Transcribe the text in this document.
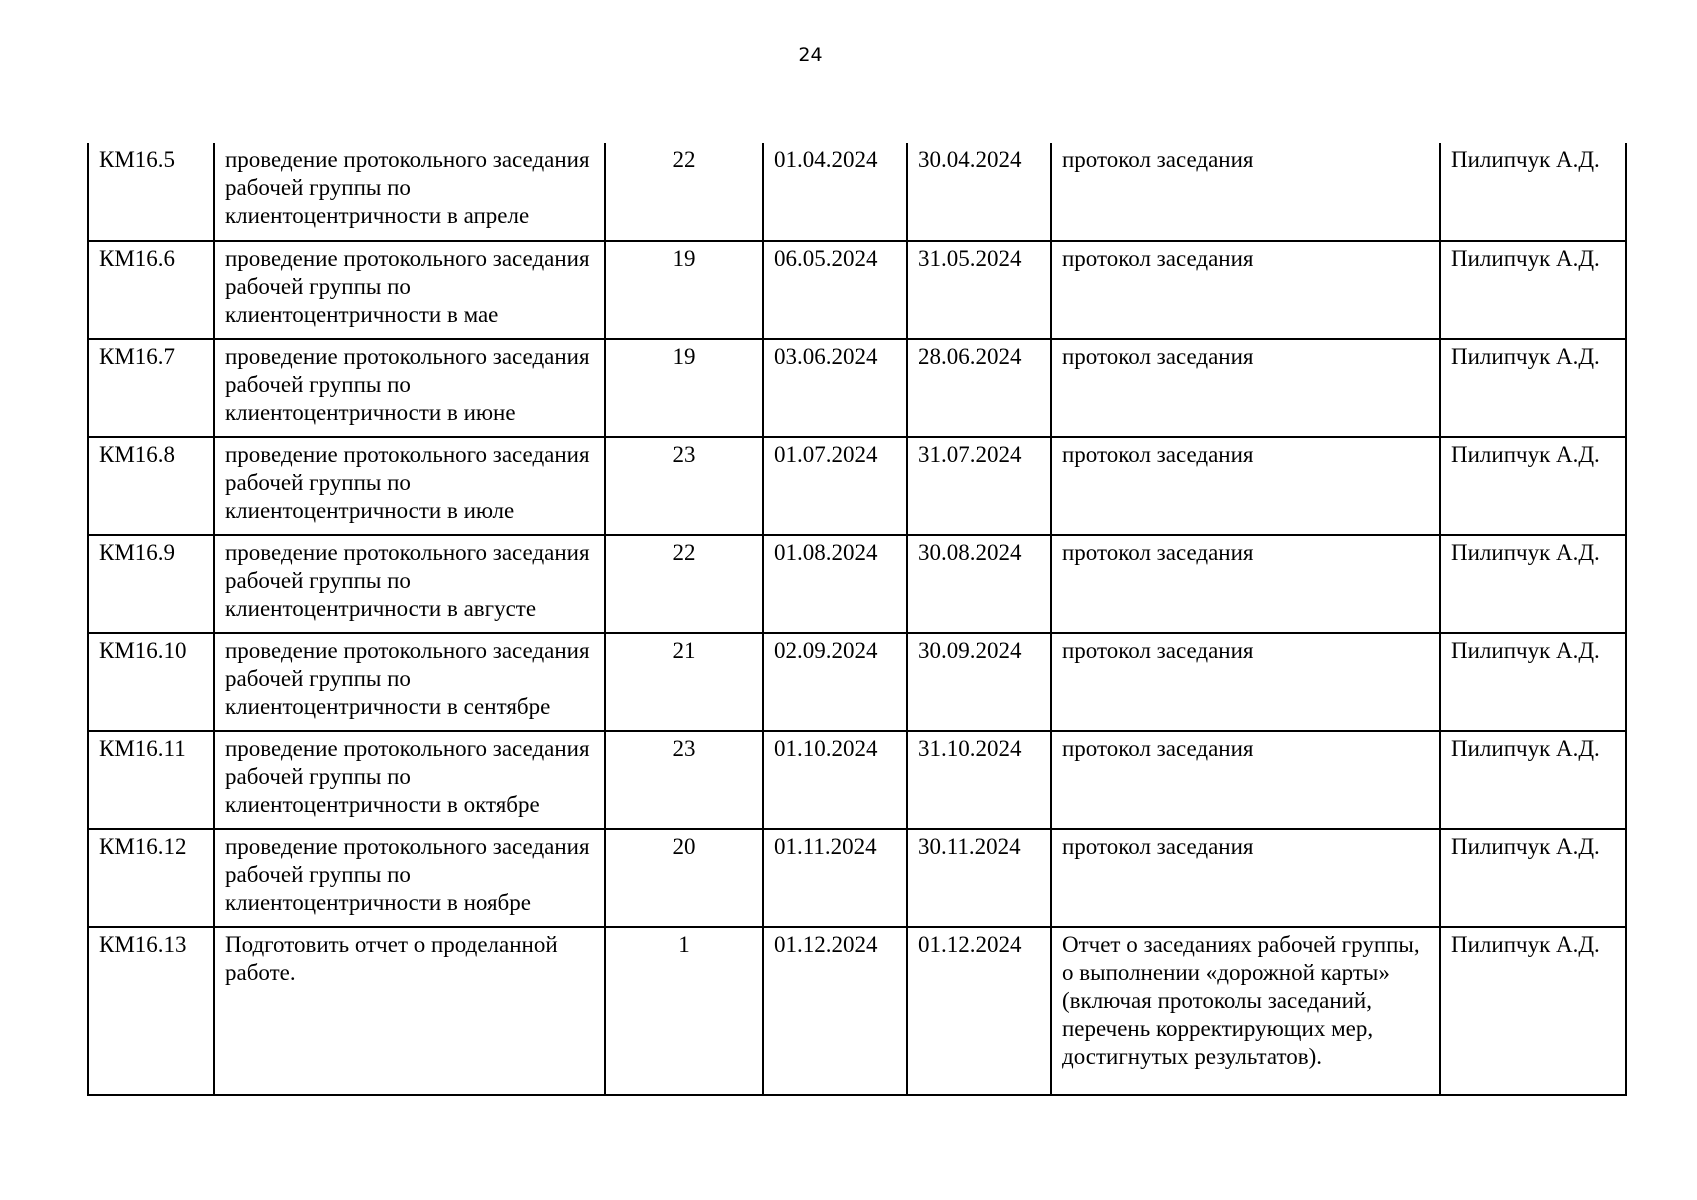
24
КМ16.5	проведение протокольного заседания рабочей группы по клиентоцентричности в апреле	22	01.04.2024	30.04.2024	протокол заседания	Пилипчук А.Д.
КМ16.6	проведение протокольного заседания рабочей группы по клиентоцентричности в мае	19	06.05.2024	31.05.2024	протокол заседания	Пилипчук А.Д.
КМ16.7	проведение протокольного заседания рабочей группы по клиентоцентричности в июне	19	03.06.2024	28.06.2024	протокол заседания	Пилипчук А.Д.
КМ16.8	проведение протокольного заседания рабочей группы по клиентоцентричности в июле	23	01.07.2024	31.07.2024	протокол заседания	Пилипчук А.Д.
КМ16.9	проведение протокольного заседания рабочей группы по клиентоцентричности в августе	22	01.08.2024	30.08.2024	протокол заседания	Пилипчук А.Д.
КМ16.10	проведение протокольного заседания рабочей группы по клиентоцентричности в сентябре	21	02.09.2024	30.09.2024	протокол заседания	Пилипчук А.Д.
КМ16.11	проведение протокольного заседания рабочей группы по клиентоцентричности в октябре	23	01.10.2024	31.10.2024	протокол заседания	Пилипчук А.Д.
КМ16.12	проведение протокольного заседания рабочей группы по клиентоцентричности в ноябре	20	01.11.2024	30.11.2024	протокол заседания	Пилипчук А.Д.
КМ16.13	Подготовить отчет о проделанной работе.	1	01.12.2024	01.12.2024	Отчет о заседаниях рабочей группы, о выполнении «дорожной карты» (включая протоколы заседаний, перечень корректирующих мер, достигнутых результатов).	Пилипчук А.Д.
